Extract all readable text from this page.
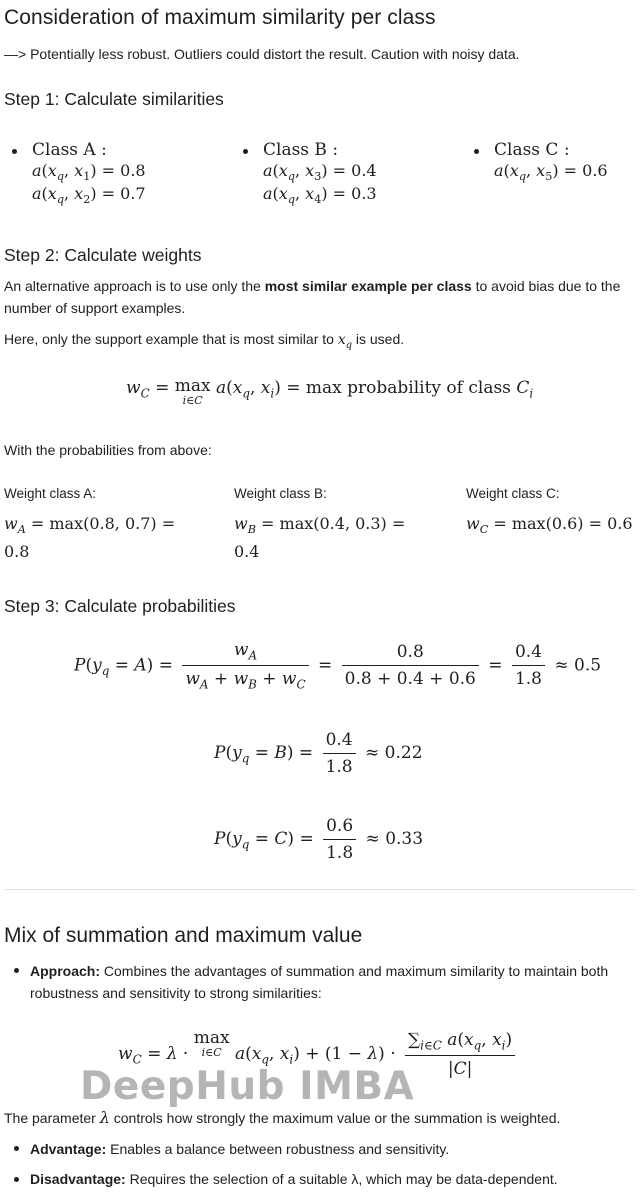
Consideration of maximum similarity per class
—> Potentially less robust. Outliers could distort the result. Caution with noisy data.
Step 1: Calculate similarities
Class A :
$a(x_q$, $x_1) = 0.8$
$a(x_q$, $x_2) = 0.7$
Class B :
$a(x_q$, $x_3) = 0.4$
$a(x_q$, $x_4) = 0.3$
Class C :
$a(x_q$, $x_5) = 0.6$
Step 2: Calculate weights
An alternative approach is to use only the most similar example per class to avoid bias due to the number of support examples.
Here, only the support example that is most similar to $x_q$ is used.
$w_C = \max$
i∈C
$a(x_q$, $x_i) = \max$ probability of class $C_i$
With the probabilities from above:
Weight class A:
$w_A = \max(0.8$, 0.7) =
0.8
Weight class B:
$w_B = \max(0.4$, 0.3) =
0.4
Weight class C:
$w_C = \max(0.6) = 0.6$
Step 3: Calculate probabilities
$P(y_q = A) = \frac{w_A}{w_A + w_B + w_C} = \frac{0.8}{0.8 + 0.4 + 0.6} = \frac{0.4}{1.8} \approx 0.5$
$P(y_q = B) = \frac{0.4}{1.8} \approx 0.22$
$P(y_q = C) = \frac{0.6}{1.8} \approx 0.33$
Mix of summation and maximum value
Approach: Combines the advantages of summation and maximum similarity to maintain both robustness and sensitivity to strong similarities:
$w_C = \lambda \cdot \max$
i∈C $a(x_q$, $x_i) + (1 - \lambda) \cdot \frac{\sum_{i\in C} a(x_q, x_i)}{|C|}$
DeepHub IMBA
The parameter λ controls how strongly the maximum value or the summation is weighted.
Advantage: Enables a balance between robustness and sensitivity.
Disadvantage: Requires the selection of a suitable λ, which may be data-dependent.
